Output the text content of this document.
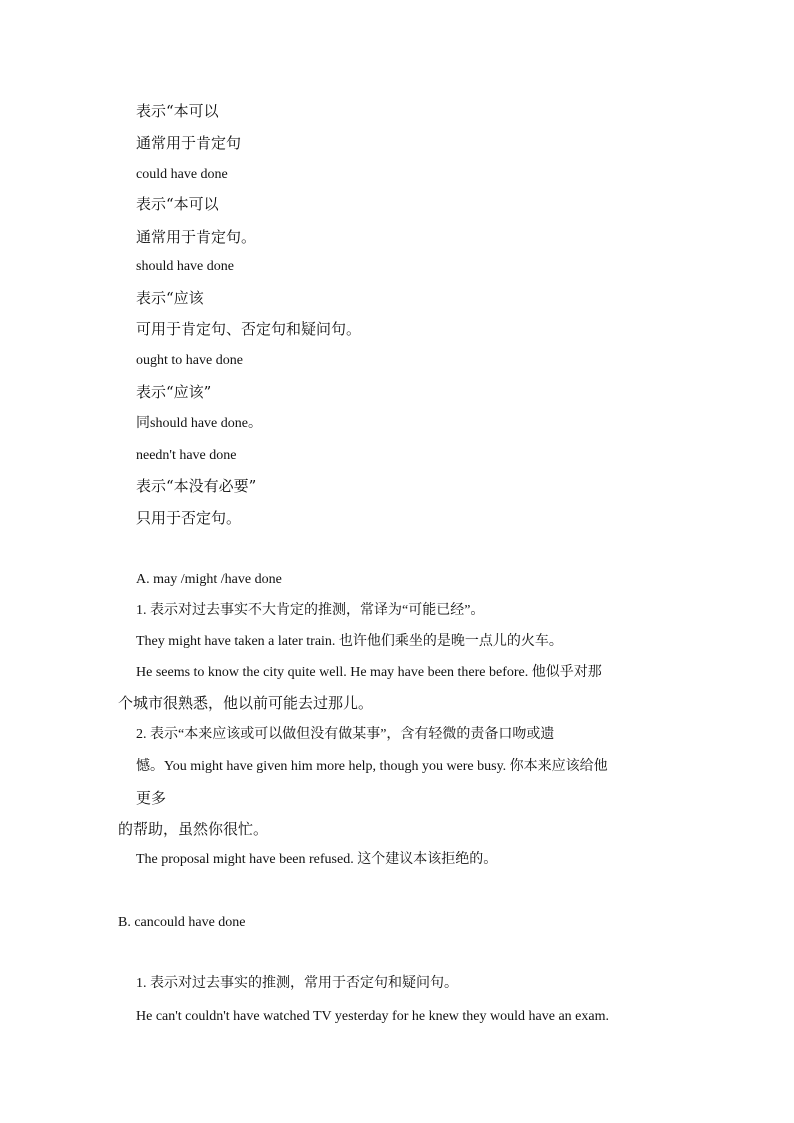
表示“本可以
通常用于肯定句
could have done
表示“本可以
通常用于肯定句。
should have done
表示“应该
可用于肯定句、否定句和疑问句。
ought to have done
表示“应该”
同should have done。
needn't have done
表示“本没有必要”
只用于否定句。
A. may /might /have done
1. 表示对过去事实不大肯定的推测，常译为“可能已经”。
They might have taken a later train. 也许他们乘坐的是晚一点儿的火车。
He seems to know the city quite well. He may have been there before. 他似乎对那
个城市很熟悉，他以前可能去过那儿。
2. 表示“本来应该或可以做但没有做某事”，含有轻微的责备口吻或遗
憾。You might have given him more help, though you were busy. 你本来应该给他
更多
的帮助，虽然你很忙。
The proposal might have been refused. 这个建议本该拒绝的。
B. cancould have done
1. 表示对过去事实的推测，常用于否定句和疑问句。
He can't couldn't have watched TV yesterday for he knew they would have an exam.
